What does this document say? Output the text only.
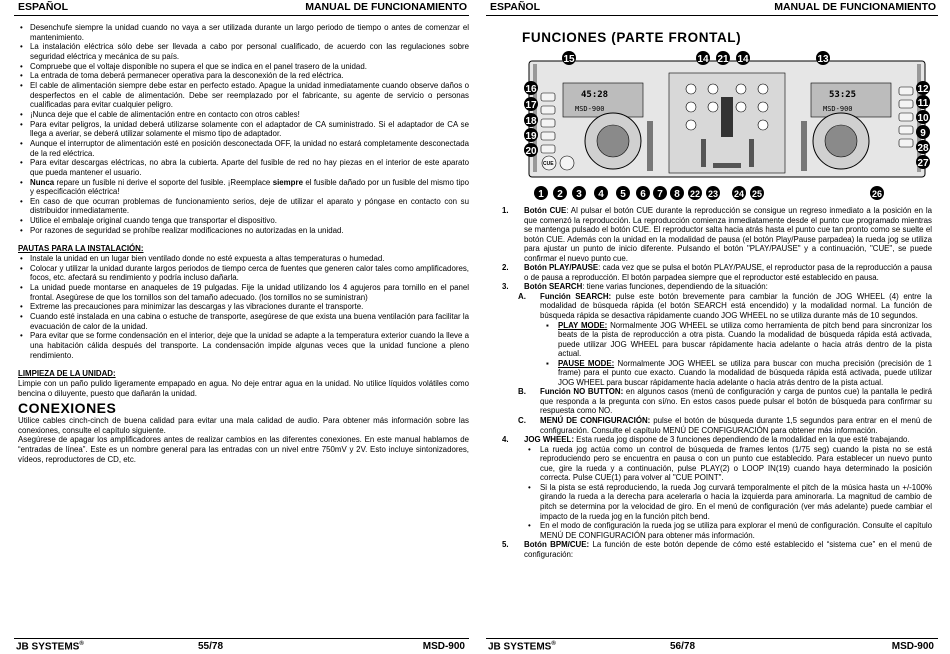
ESPAÑOL	MANUAL DE FUNCIONAMIENTO
• Desenchufe siempre la unidad cuando no vaya a ser utilizada durante un largo periodo de tiempo o antes de comenzar el mantenimiento.
• La instalación eléctrica sólo debe ser llevada a cabo por personal cualificado, de acuerdo con las regulaciones sobre seguridad eléctrica y mecánica de su país.
• Compruebe que el voltaje disponible no supera el que se indica en el panel trasero de la unidad.
• La entrada de toma deberá permanecer operativa para la desconexión de la red eléctrica.
• El cable de alimentación siempre debe estar en perfecto estado. Apague la unidad inmediatamente cuando observe daños o desperfectos en el cable de alimentación. Debe ser reemplazado por el fabricante, su agente de servicio o personas cualificadas para evitar cualquier peligro.
• ¡Nunca deje que el cable de alimentación entre en contacto con otros cables!
• Para evitar peligros, la unidad deberá utilizarse solamente con el adaptador de CA suministrado. Si el adaptador de CA se llega a averiar, se deberá utilizar solamente el mismo tipo de adaptador.
• Aunque el interruptor de alimentación esté en posición desconectada OFF, la unidad no estará completamente desconectada de la red eléctrica.
• Para evitar descargas eléctricas, no abra la cubierta. Aparte del fusible de red no hay piezas en el interior de este aparato que pueda mantener el usuario.
• Nunca repare un fusible ni derive el soporte del fusible. ¡Reemplace siempre el fusible dañado por un fusible del mismo tipo y especificación eléctrica!
• En caso de que ocurran problemas de funcionamiento serios, deje de utilizar el aparato y póngase en contacto con su distribuidor inmediatamente.
• Utilice el embalaje original cuando tenga que transportar el dispositivo.
• Por razones de seguridad se prohíbe realizar modificaciones no autorizadas en la unidad.
PAUTAS PARA LA INSTALACIÓN:
• Instale la unidad en un lugar bien ventilado donde no esté expuesta a altas temperaturas o humedad.
• Colocar y utilizar la unidad durante largos periodos de tiempo cerca de fuentes que generen calor tales como amplificadores, focos, etc. afectará su rendimiento y podría incluso dañarla.
• La unidad puede montarse en anaqueles de 19 pulgadas. Fije la unidad utilizando los 4 agujeros para tornillo en el panel frontal. Asegúrese de que los tornillos son del tamaño adecuado. (los tornillos no se suministran)
• Extreme las precauciones para minimizar las descargas y las vibraciones durante el transporte.
• Cuando esté instalada en una cabina o estuche de transporte, asegúrese de que exista una buena ventilación para facilitar la evacuación de calor de la unidad.
• Para evitar que se forme condensación en el interior, deje que la unidad se adapte a la temperatura exterior cuando la lleve a una habitación cálida después del transporte. La condensación impide algunas veces que la unidad funcione a pleno rendimiento.
LIMPIEZA DE LA UNIDAD:

Limpie con un paño pulido ligeramente empapado en agua. No deje entrar agua en la unidad. No utilice líquidos volátiles como bencina o diluyente, puesto que dañarán la unidad.

CONEXIONES

Utilice cables cinch-cinch de buena calidad para evitar una mala calidad de audio. Para obtener más información sobre las conexiones, consulte el capítulo siguiente.

Asegúrese de apagar los amplificadores antes de realizar cambios en las diferentes conexiones. En este manual hablamos de “entradas de línea”. Este es un nombre general para las entradas con un nivel entre 750mV y 2V. Esto incluye sintonizadores, vídeos, reproductores de CD, etc.

JB SYSTEMS®	55/78	MSD-900
ESPAÑOL	MANUAL DE FUNCIONAMIENTO
FUNCIONES (PARTE FRONTAL)
45:28
MSD-900
53:25
MSD-900
CUE
15	14 21 14	13
16
17
18
19
20
12
11
10
9
28
27
1 2 3 4 5 6 7 8 22 23 24 25	26
1. Botón CUE: Al pulsar el botón CUE durante la reproducción se consigue un regreso inmediato a la posición en la que comenzó la reproducción. La reproducción comienza inmediatamente desde el punto cue programado mientras se mantenga pulsado el botón CUE. El reproductor salta hacia atrás hasta el punto cue tan pronto como se suelte el botón CUE. Además con la unidad en la modalidad de pausa (el botón Play/Pause parpadea) la rueda jog se utiliza para ajustar un punto de inicio diferente. Pulsando el botón "PLAY/PAUSE" y a continuación, "CUE", se puede confirmar el nuevo punto cue.
2. Botón PLAY/PAUSE: cada vez que se pulsa el botón PLAY/PAUSE, el reproductor pasa de la reproducción a pausa o de pausa a reproducción. El botón parpadea siempre que el reproductor esté establecido en pausa.
3. Botón SEARCH: tiene varias funciones, dependiendo de la situación:
A. Función SEARCH: pulse este botón brevemente para cambiar la función de JOG WHEEL (4) entre la modalidad de búsqueda rápida (el botón SEARCH está encendido) y la modalidad normal. La función de búsqueda rápida se desactiva rápidamente cuando JOG WHEEL no se utiliza durante más de 10 segundos.
▪ PLAY MODE: Normalmente JOG WHEEL se utiliza como herramienta de pitch bend para sincronizar los beats de la pista de reproducción a otra pista. Cuando la modalidad de búsqueda rápida está activada, puede utilizar JOG WHEEL para buscar rápidamente hacia adelante o hacia atrás dentro de la pista actual.
▪ PAUSE MODE: Normalmente JOG WHEEL se utiliza para buscar con mucha precisión (precisión de 1 frame) para el punto cue exacto. Cuando la modalidad de búsqueda rápida está activada, puede utilizar JOG WHEEL para buscar rápidamente hacia adelante o hacia atrás dentro de la pista actual.
B. Función NO BUTTON: en algunos casos (menú de configuración y carga de puntos cue) la pantalla le pedirá que responda a la pregunta con sí/no. En estos casos puede pulsar el botón de búsqueda para confirmar su respuesta como NO.
C. MENÚ DE CONFIGURACIÓN: pulse el botón de búsqueda durante 1,5 segundos para entrar en el menú de configuración. Consulte el capítulo MENÚ DE CONFIGURACIÓN para obtener más información.
4. JOG WHEEL: Esta rueda jog dispone de 3 funciones dependiendo de la modalidad en la que esté trabajando.
• La rueda jog actúa como un control de búsqueda de frames lentos (1/75 seg) cuando la pista no se está reproduciendo pero se encuentra en pausa o con un punto cue establecido. Para establecer un nuevo punto cue, gire la rueda y a continuación, pulse PLAY(2) o LOOP IN(19) cuando haya determinado la posición correcta. Pulse CUE(1) para volver al "CUE POINT".
• Si la pista se está reproduciendo, la rueda Jog curvará temporalmente el pitch de la música hasta un +/-100% girando la rueda a la derecha para acelerarla o hacia la izquierda para aminorarla. La magnitud de cambio de pitch se determina por la velocidad de giro. En el menú de configuración (ver más adelante) puede cambiar el impacto de la rueda jog en la función pitch bend.
• En el modo de configuración la rueda jog se utiliza para explorar el menú de configuración. Consulte el capítulo MENÚ DE CONFIGURACIÓN para obtener más información.
5. Botón BPM/CUE: La función de este botón depende de cómo esté establecido el “sistema cue” en el menú de configuración:
JB SYSTEMS®	56/78	MSD-900
